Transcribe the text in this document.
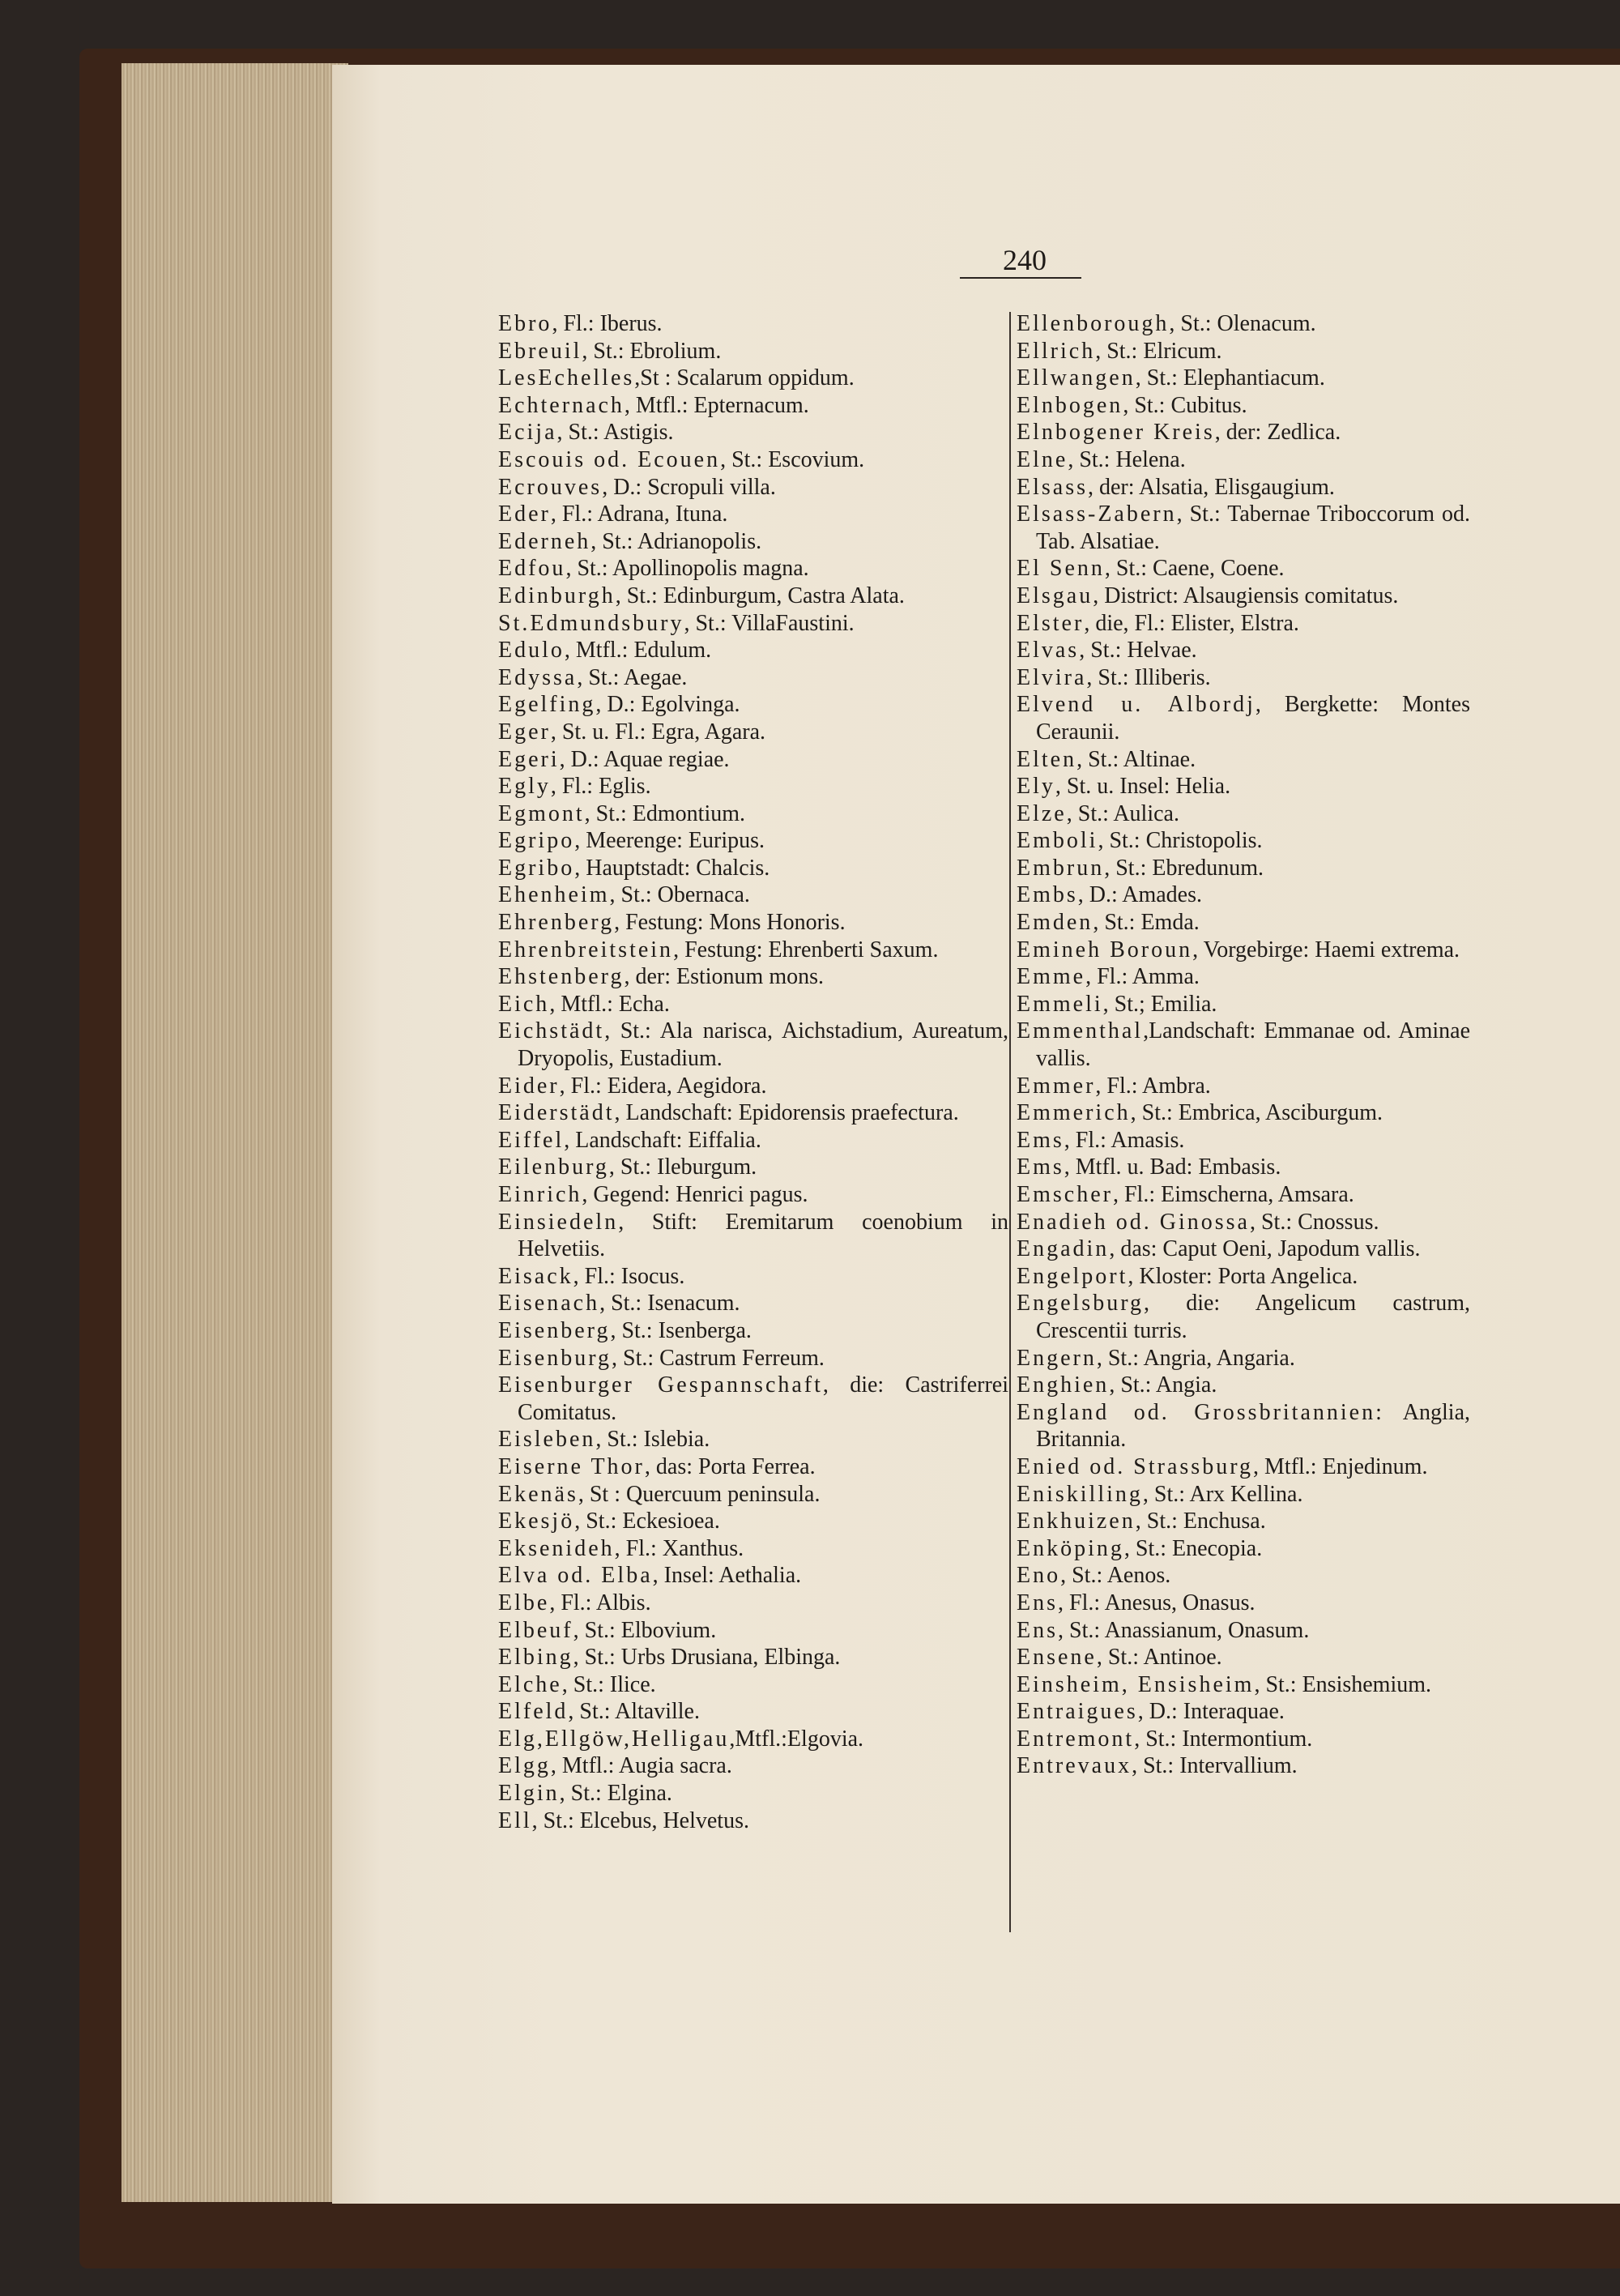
240
Ebro, Fl.: Iberus.
Ebreuil, St.: Ebrolium.
LesEchelles,St : Scalarum oppidum.
Echternach, Mtfl.: Epternacum.
Ecija, St.: Astigis.
Escouis od. Ecouen, St.: Escovium.
Ecrouves, D.: Scropuli villa.
Eder, Fl.: Adrana, Ituna.
Ederneh, St.: Adrianopolis.
Edfou, St.: Apollinopolis magna.
Edinburgh, St.: Edinburgum, Castra Alata.
St.Edmundsbury, St.: VillaFaustini.
Edulo, Mtfl.: Edulum.
Edyssa, St.: Aegae.
Egelfing, D.: Egolvinga.
Eger, St. u. Fl.: Egra, Agara.
Egeri, D.: Aquae regiae.
Egly, Fl.: Eglis.
Egmont, St.: Edmontium.
Egripo, Meerenge: Euripus.
Egribo, Hauptstadt: Chalcis.
Ehenheim, St.: Obernaca.
Ehrenberg, Festung: Mons Honoris.
Ehrenbreitstein, Festung: Ehrenberti Saxum.
Ehstenberg, der: Estionum mons.
Eich, Mtfl.: Echa.
Eichstädt, St.: Ala narisca, Aichstadium, Aureatum, Dryopolis, Eustadium.
Eider, Fl.: Eidera, Aegidora.
Eiderstädt, Landschaft: Epidorensis praefectura.
Eiffel, Landschaft: Eiffalia.
Eilenburg, St.: Ileburgum.
Einrich, Gegend: Henrici pagus.
Einsiedeln, Stift: Eremitarum coenobium in Helvetiis.
Eisack, Fl.: Isocus.
Eisenach, St.: Isenacum.
Eisenberg, St.: Isenberga.
Eisenburg, St.: Castrum Ferreum.
Eisenburger Gespannschaft, die: Castriferrei Comitatus.
Eisleben, St.: Islebia.
Eiserne Thor, das: Porta Ferrea.
Ekenäs, St : Quercuum peninsula.
Ekesjö, St.: Eckesioea.
Eksenideh, Fl.: Xanthus.
Elva od. Elba, Insel: Aethalia.
Elbe, Fl.: Albis.
Elbeuf, St.: Elbovium.
Elbing, St.: Urbs Drusiana, Elbinga.
Elche, St.: Ilice.
Elfeld, St.: Altaville.
Elg,Ellgöw,Helligau,Mtfl.:Elgovia.
Elgg, Mtfl.: Augia sacra.
Elgin, St.: Elgina.
Ell, St.: Elcebus, Helvetus.
Ellenborough, St.: Olenacum.
Ellrich, St.: Elricum.
Ellwangen, St.: Elephantiacum.
Elnbogen, St.: Cubitus.
Elnbogener Kreis, der: Zedlica.
Elne, St.: Helena.
Elsass, der: Alsatia, Elisgaugium.
Elsass-Zabern, St.: Tabernae Triboccorum od. Tab. Alsatiae.
El Senn, St.: Caene, Coene.
Elsgau, District: Alsaugiensis comitatus.
Elster, die, Fl.: Elister, Elstra.
Elvas, St.: Helvae.
Elvira, St.: Illiberis.
Elvend u. Albordj, Bergkette: Montes Ceraunii.
Elten, St.: Altinae.
Ely, St. u. Insel: Helia.
Elze, St.: Aulica.
Emboli, St.: Christopolis.
Embrun, St.: Ebredunum.
Embs, D.: Amades.
Emden, St.: Emda.
Emineh Boroun, Vorgebirge: Haemi extrema.
Emme, Fl.: Amma.
Emmeli, St.; Emilia.
Emmenthal,Landschaft: Emmanae od. Aminae vallis.
Emmer, Fl.: Ambra.
Emmerich, St.: Embrica, Asciburgum.
Ems, Fl.: Amasis.
Ems, Mtfl. u. Bad: Embasis.
Emscher, Fl.: Eimscherna, Amsara.
Enadieh od. Ginossa, St.: Cnossus.
Engadin, das: Caput Oeni, Japodum vallis.
Engelport, Kloster: Porta Angelica.
Engelsburg, die: Angelicum castrum, Crescentii turris.
Engern, St.: Angria, Angaria.
Enghien, St.: Angia.
England od. Grossbritannien: Anglia, Britannia.
Enied od. Strassburg, Mtfl.: Enjedinum.
Eniskilling, St.: Arx Kellina.
Enkhuizen, St.: Enchusa.
Enköping, St.: Enecopia.
Eno, St.: Aenos.
Ens, Fl.: Anesus, Onasus.
Ens, St.: Anassianum, Onasum.
Ensene, St.: Antinoe.
Einsheim, Ensisheim, St.: Ensishemium.
Entraigues, D.: Interaquae.
Entremont, St.: Intermontium.
Entrevaux, St.: Intervallium.
